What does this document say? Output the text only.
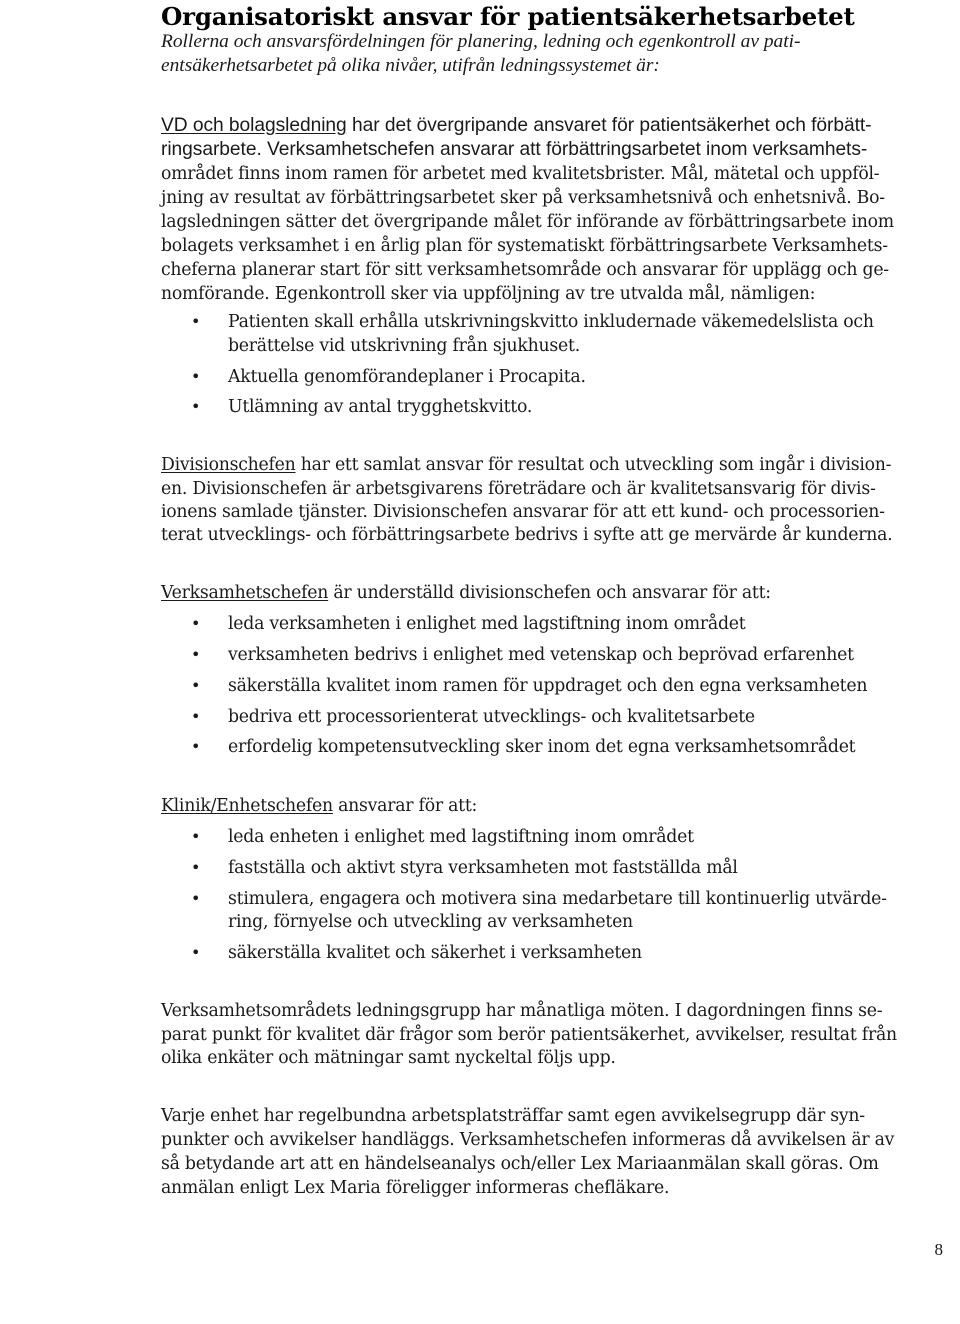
Organisatoriskt ansvar för patientsäkerhetsarbetet
Rollerna och ansvarsfördelningen för planering, ledning och egenkontroll av pati-
entsäkerhetsarbetet på olika nivåer, utifrån ledningssystemet är:
VD och bolagsledning har det övergripande ansvaret för patientsäkerhet och förbätt-
ringsarbete. Verksamhetschefen ansvarar att förbättringsarbetet inom verksamhets-
området finns inom ramen för arbetet med kvalitetsbrister. Mål, mätetal och uppföl-
jning av resultat av förbättringsarbetet sker på verksamhetsnivå och enhetsnivå. Bo-
lagsledningen sätter det övergripande målet för införande av förbättringsarbete inom
bolagets verksamhet i en årlig plan för systematiskt förbättringsarbete Verksamhets-
cheferna planerar start för sitt verksamhetsområde och ansvarar för upplägg och ge-
nomförande. Egenkontroll sker via uppföljning av tre utvalda mål, nämligen:
• Patienten skall erhålla utskrivningskvitto inkludernade väkemedelslista och
berättelse vid utskrivning från sjukhuset.
• Aktuella genomförandeplaner i Procapita.
• Utlämning av antal trygghetskvitto.
Divisionschefen har ett samlat ansvar för resultat och utveckling som ingår i division-
en. Divisionschefen är arbetsgivarens företrädare och är kvalitetsansvarig för divis-
ionens samlade tjänster. Divisionschefen ansvarar för att ett kund- och processorien-
terat utvecklings- och förbättringsarbete bedrivs i syfte att ge mervärde år kunderna.
Verksamhetschefen är underställd divisionschefen och ansvarar för att:
• leda verksamheten i enlighet med lagstiftning inom området
• verksamheten bedrivs i enlighet med vetenskap och beprövad erfarenhet
• säkerställa kvalitet inom ramen för uppdraget och den egna verksamheten
• bedriva ett processorienterat utvecklings- och kvalitetsarbete
• erfordelig kompetensutveckling sker inom det egna verksamhetsområdet
Klinik/Enhetschefen ansvarar för att:
• leda enheten i enlighet med lagstiftning inom området
• fastställa och aktivt styra verksamheten mot fastställda mål
• stimulera, engagera och motivera sina medarbetare till kontinuerlig utvärde-
ring, förnyelse och utveckling av verksamheten
• säkerställa kvalitet och säkerhet i verksamheten
Verksamhetsområdets ledningsgrupp har månatliga möten. I dagordningen finns se-
parat punkt för kvalitet där frågor som berör patientsäkerhet, avvikelser, resultat från
olika enkäter och mätningar samt nyckeltal följs upp.
Varje enhet har regelbundna arbetsplatsträffar samt egen avvikelsegrupp där syn-
punkter och avvikelser handläggs. Verksamhetschefen informeras då avvikelsen är av
så betydande art att en händelseanalys och/eller Lex Mariaanmälan skall göras. Om
anmälan enligt Lex Maria föreligger informeras chefläkare.
8
